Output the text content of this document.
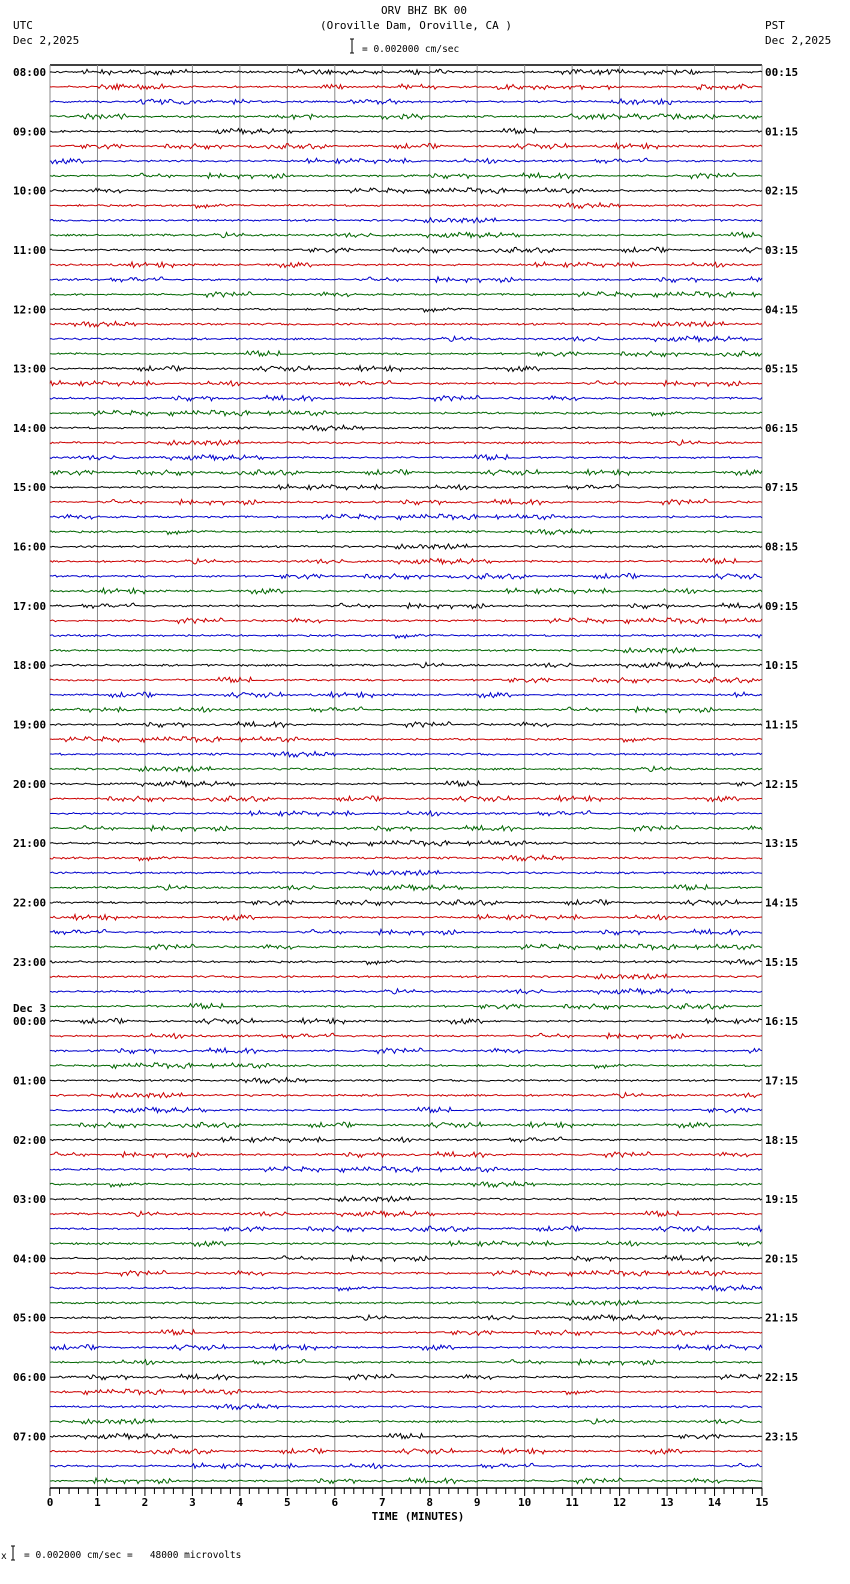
ORV BHZ BK 00
(Oroville Dam, Oroville, CA )
UTC
Dec 2,2025
PST
Dec 2,2025
= 0.002000 cm/sec
08:00
09:00
10:00
11:00
12:00
13:00
14:00
15:00
16:00
17:00
18:00
19:00
20:00
21:00
22:00
23:00
00:00
Dec 3
01:00
02:00
03:00
04:00
05:00
06:00
07:00
00:15
01:15
02:15
03:15
04:15
05:15
06:15
07:15
08:15
09:15
10:15
11:15
12:15
13:15
14:15
15:15
16:15
17:15
18:15
19:15
20:15
21:15
22:15
23:15
0	1	2	3	4	5	6	7	8	9	10	11	12	13	14	15
TIME (MINUTES)
x = 0.002000 cm/sec =   48000 microvolts
